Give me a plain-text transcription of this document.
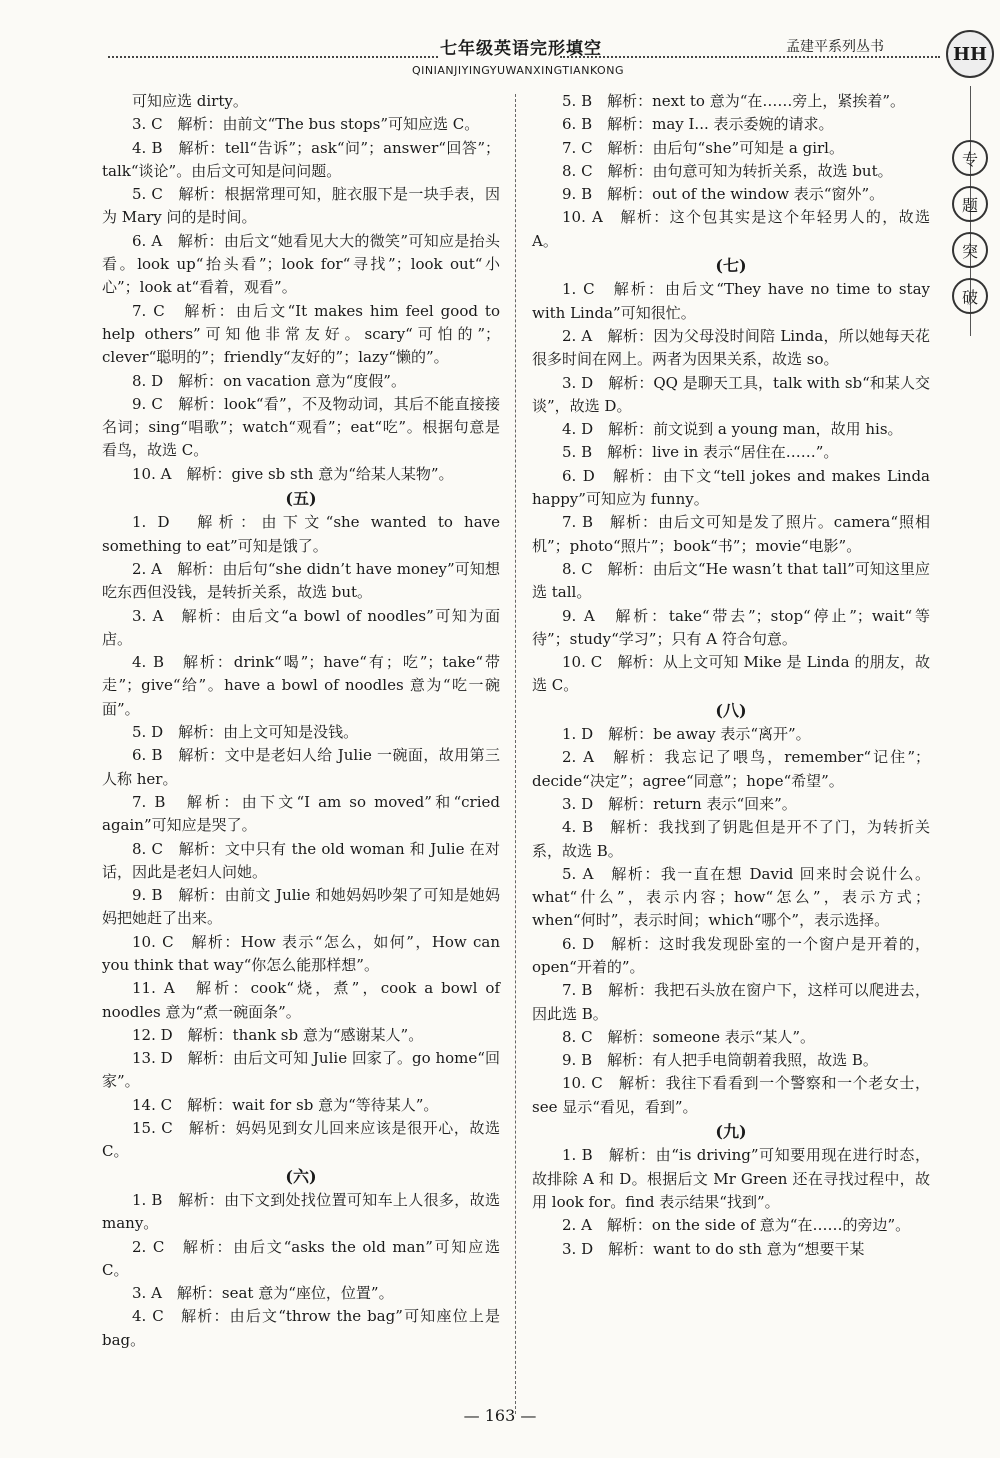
七年级英语完形填空	孟建平系列丛书
QINIANJIYINGYUWANXINGTIANKONG
HH
专
题
突
破
可知应选 dirty。
3. C　解析：由前文“The bus stops”可知应选 C。
4. B　解析：tell“告诉”；ask“问”；answer“回答”；talk“谈论”。由后文可知是问问题。
5. C　解析：根据常理可知，脏衣服下是一块手表，因为 Mary 问的是时间。
6. A　解析：由后文“她看见大大的微笑”可知应是抬头看。look up“抬头看”；look for“寻找”；look out“小心”；look at“看着，观看”。
7. C　解析：由后文“It makes him feel good to help others”可知他非常友好。scary“可怕的”；clever“聪明的”；friendly“友好的”；lazy“懒的”。
8. D　解析：on vacation 意为“度假”。
9. C　解析：look“看”，不及物动词，其后不能直接接名词；sing“唱歌”；watch“观看”；eat“吃”。根据句意是看鸟，故选 C。
10. A　解析：give sb sth 意为“给某人某物”。
(五)
1. D　解析：由下文“she wanted to have something to eat”可知是饿了。
2. A　解析：由后句“she didn’t have money”可知想吃东西但没钱，是转折关系，故选 but。
3. A　解析：由后文“a bowl of noodles”可知为面店。
4. B　解析：drink“喝”；have“有；吃”；take“带走”；give“给”。have a bowl of noodles 意为“吃一碗面”。
5. D　解析：由上文可知是没钱。
6. B　解析：文中是老妇人给 Julie 一碗面，故用第三人称 her。
7. B　解析：由下文“I am so moved”和“cried again”可知应是哭了。
8. C　解析：文中只有 the old woman 和 Julie 在对话，因此是老妇人问她。
9. B　解析：由前文 Julie 和她妈妈吵架了可知是她妈妈把她赶了出来。
10. C　解析：How 表示“怎么，如何”，How can you think that way“你怎么能那样想”。
11. A　解析：cook“烧，煮”，cook a bowl of noodles 意为“煮一碗面条”。
12. D　解析：thank sb 意为“感谢某人”。
13. D　解析：由后文可知 Julie 回家了。go home“回家”。
14. C　解析：wait for sb 意为“等待某人”。
15. C　解析：妈妈见到女儿回来应该是很开心，故选 C。
(六)
1. B　解析：由下文到处找位置可知车上人很多，故选 many。
2. C　解析：由后文“asks the old man”可知应选 C。
3. A　解析：seat 意为“座位，位置”。
4. C　解析：由后文“throw the bag”可知座位上是 bag。
5. B　解析：next to 意为“在……旁上，紧挨着”。
6. B　解析：may I... 表示委婉的请求。
7. C　解析：由后句“she”可知是 a girl。
8. C　解析：由句意可知为转折关系，故选 but。
9. B　解析：out of the window 表示“窗外”。
10. A　解析：这个包其实是这个年轻男人的，故选 A。
(七)
1. C　解析：由后文“They have no time to stay with Linda”可知很忙。
2. A　解析：因为父母没时间陪 Linda，所以她每天花很多时间在网上。两者为因果关系，故选 so。
3. D　解析：QQ 是聊天工具，talk with sb“和某人交谈”，故选 D。
4. D　解析：前文说到 a young man，故用 his。
5. B　解析：live in 表示“居住在……”。
6. D　解析：由下文“tell jokes and makes Linda happy”可知应为 funny。
7. B　解析：由后文可知是发了照片。camera“照相机”；photo“照片”；book“书”；movie“电影”。
8. C　解析：由后文“He wasn’t that tall”可知这里应选 tall。
9. A　解析：take“带去”；stop“停止”；wait“等待”；study“学习”；只有 A 符合句意。
10. C　解析：从上文可知 Mike 是 Linda 的朋友，故选 C。
(八)
1. D　解析：be away 表示“离开”。
2. A　解析：我忘记了喂鸟，remember“记住”；decide“决定”；agree“同意”；hope“希望”。
3. D　解析：return 表示“回来”。
4. B　解析：我找到了钥匙但是开不了门，为转折关系，故选 B。
5. A　解析：我一直在想 David 回来时会说什么。what“什么”，表示内容；how“怎么”，表示方式；when“何时”，表示时间；which“哪个”，表示选择。
6. D　解析：这时我发现卧室的一个窗户是开着的，open“开着的”。
7. B　解析：我把石头放在窗户下，这样可以爬进去，因此选 B。
8. C　解析：someone 表示“某人”。
9. B　解析：有人把手电筒朝着我照，故选 B。
10. C　解析：我往下看看到一个警察和一个老女士，see 显示“看见，看到”。
(九)
1. B　解析：由“is driving”可知要用现在进行时态，故排除 A 和 D。根据后文 Mr Green 还在寻找过程中，故用 look for。find 表示结果“找到”。
2. A　解析：on the side of 意为“在……的旁边”。
3. D　解析：want to do sth 意为“想要干某
— 163 —
